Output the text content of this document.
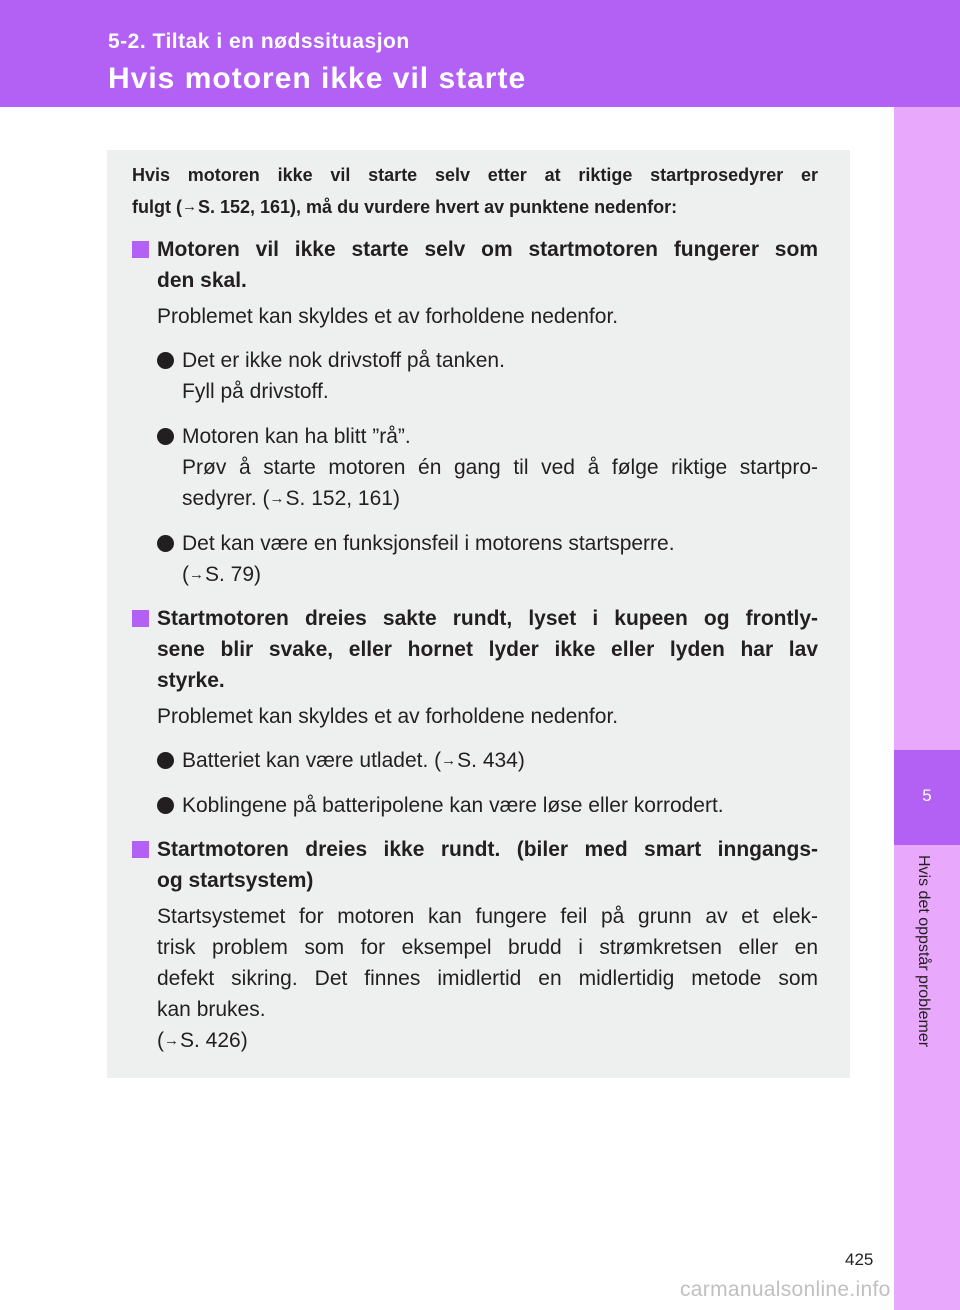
5-2. Tiltak i en nødssituasjon
Hvis motoren ikke vil starte
5
Hvis det oppstår problemer
Hvis motoren ikke vil starte selv etter at riktige startprosedyrer er
fulgt (→S. 152, 161), må du vurdere hvert av punktene nedenfor:
Motoren vil ikke starte selv om startmotoren fungerer som
den skal.
Problemet kan skyldes et av forholdene nedenfor.
Det er ikke nok drivstoff på tanken.
Fyll på drivstoff.
Motoren kan ha blitt ”rå”.
Prøv å starte motoren én gang til ved å følge riktige startpro-
sedyrer. (→S. 152, 161)
Det kan være en funksjonsfeil i motorens startsperre.
(→S. 79)
Startmotoren dreies sakte rundt, lyset i kupeen og frontly-
sene blir svake, eller hornet lyder ikke eller lyden har lav
styrke.
Problemet kan skyldes et av forholdene nedenfor.
Batteriet kan være utladet. (→S. 434)
Koblingene på batteripolene kan være løse eller korrodert.
Startmotoren dreies ikke rundt. (biler med smart inngangs-
og startsystem)
Startsystemet for motoren kan fungere feil på grunn av et elek-
trisk problem som for eksempel brudd i strømkretsen eller en
defekt sikring. Det finnes imidlertid en midlertidig metode som
kan brukes.
(→S. 426)
425
carmanualsonline.info
